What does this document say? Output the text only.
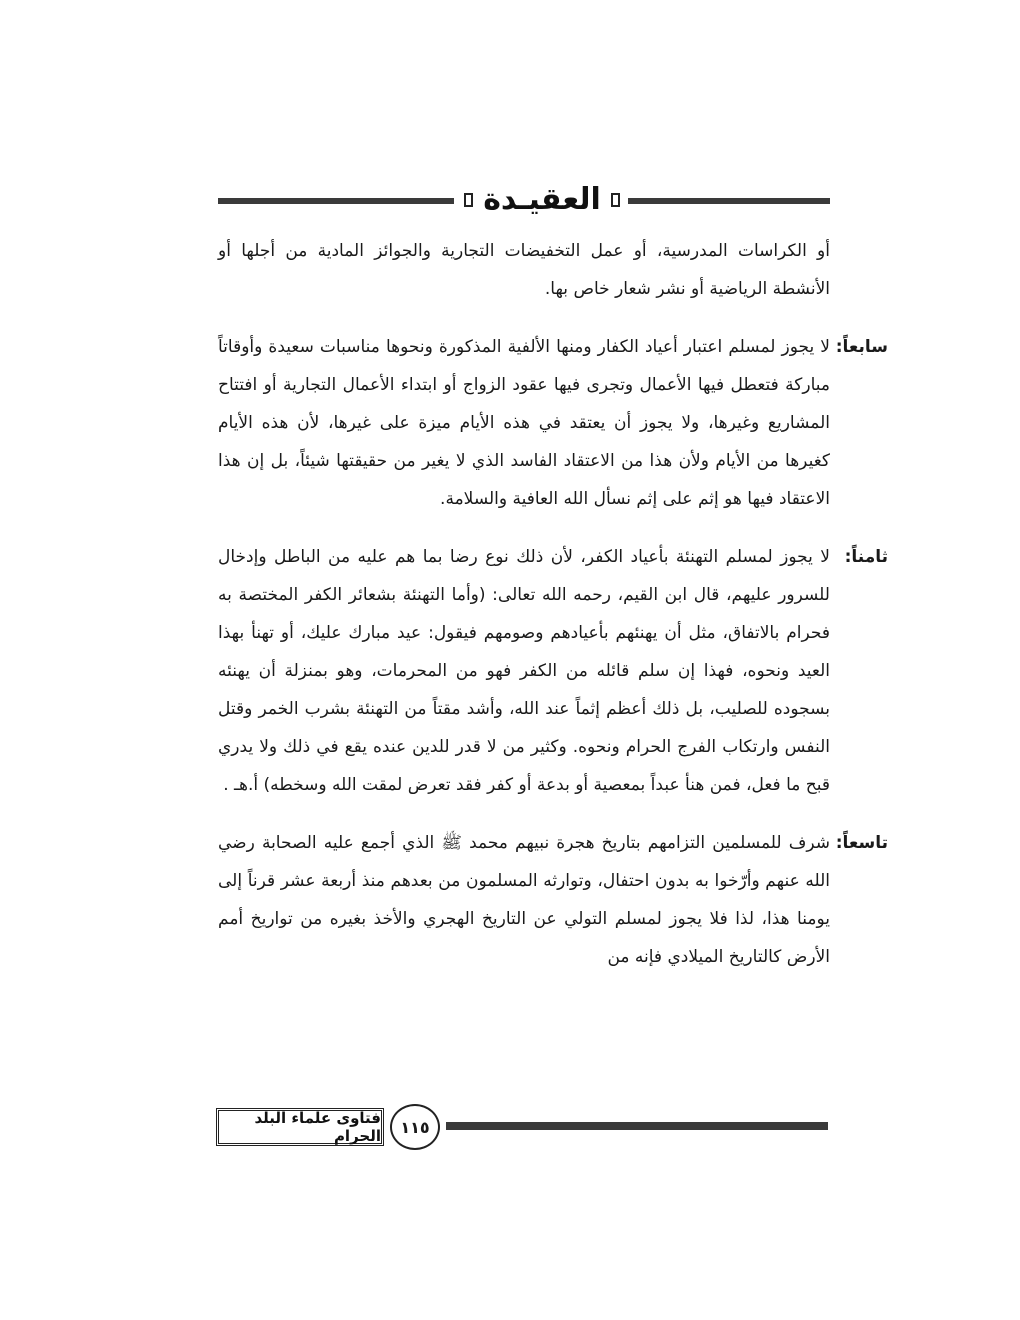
العقيـدة

أو الكراسات المدرسية، أو عمل التخفيضات التجارية والجوائز المادية من أجلها أو الأنشطة الرياضية أو نشر شعار خاص بها.

سابعاً:

لا يجوز لمسلم اعتبار أعياد الكفار ومنها الألفية المذكورة ونحوها مناسبات سعيدة وأوقاتاً مباركة فتعطل فيها الأعمال وتجرى فيها عقود الزواج أو ابتداء الأعمال التجارية أو افتتاح المشاريع وغيرها، ولا يجوز أن يعتقد في هذه الأيام ميزة على غيرها، لأن هذه الأيام كغيرها من الأيام ولأن هذا من الاعتقاد الفاسد الذي لا يغير من حقيقتها شيئاً، بل إن هذا الاعتقاد فيها هو إثم على إثم نسأل الله العافية والسلامة.

ثامناً:

لا يجوز لمسلم التهنئة بأعياد الكفر، لأن ذلك نوع رضا بما هم عليه من الباطل وإدخال للسرور عليهم، قال ابن القيم، رحمه الله تعالى: (وأما التهنئة بشعائر الكفر المختصة به فحرام بالاتفاق، مثل أن يهنئهم بأعيادهم وصومهم فيقول: عيد مبارك عليك، أو تهنأ بهذا العيد ونحوه، فهذا إن سلم قائله من الكفر فهو من المحرمات، وهو بمنزلة أن يهنئه بسجوده للصليب، بل ذلك أعظم إثماً عند الله، وأشد مقتاً من التهنئة بشرب الخمر وقتل النفس وارتكاب الفرج الحرام ونحوه. وكثير من لا قدر للدين عنده يقع في ذلك ولا يدري قبح ما فعل، فمن هنأ عبداً بمعصية أو بدعة أو كفر فقد تعرض لمقت الله وسخطه) أ.هـ .

تاسعاً:

شرف للمسلمين التزامهم بتاريخ هجرة نبيهم محمد ﷺ الذي أجمع عليه الصحابة رضي الله عنهم وأرّخوا به بدون احتفال، وتوارثه المسلمون من بعدهم منذ أربعة عشر قرناً إلى يومنا هذا، لذا فلا يجوز لمسلم التولي عن التاريخ الهجري والأخذ بغيره من تواريخ أمم الأرض كالتاريخ الميلادي فإنه من

فتاوى علماء البلد الحرام ١١٥
